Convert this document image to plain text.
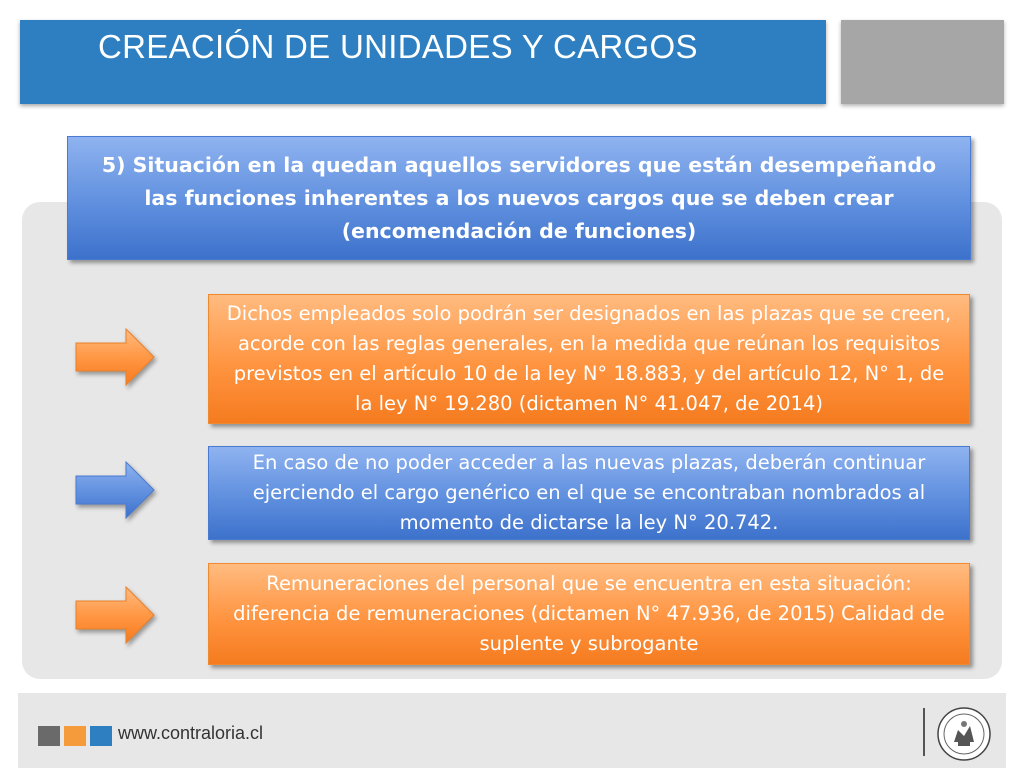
CREACIÓN DE UNIDADES Y CARGOS
5) Situación en la quedan aquellos servidores que están desempeñando las funciones inherentes a los nuevos cargos que se deben crear (encomendación de funciones)
Dichos empleados solo podrán ser designados en las plazas que se creen, acorde con las reglas generales, en la medida que reúnan los requisitos previstos en el artículo 10 de la ley N° 18.883, y del artículo 12, N° 1, de la ley N° 19.280 (dictamen N° 41.047, de 2014)
En caso de no poder acceder a las nuevas plazas, deberán continuar ejerciendo el cargo genérico en el que se encontraban nombrados al momento de dictarse la ley N° 20.742.
Remuneraciones del personal que se encuentra en esta situación: diferencia de remuneraciones (dictamen N° 47.936, de 2015) Calidad de suplente y subrogante
www.contraloria.cl
